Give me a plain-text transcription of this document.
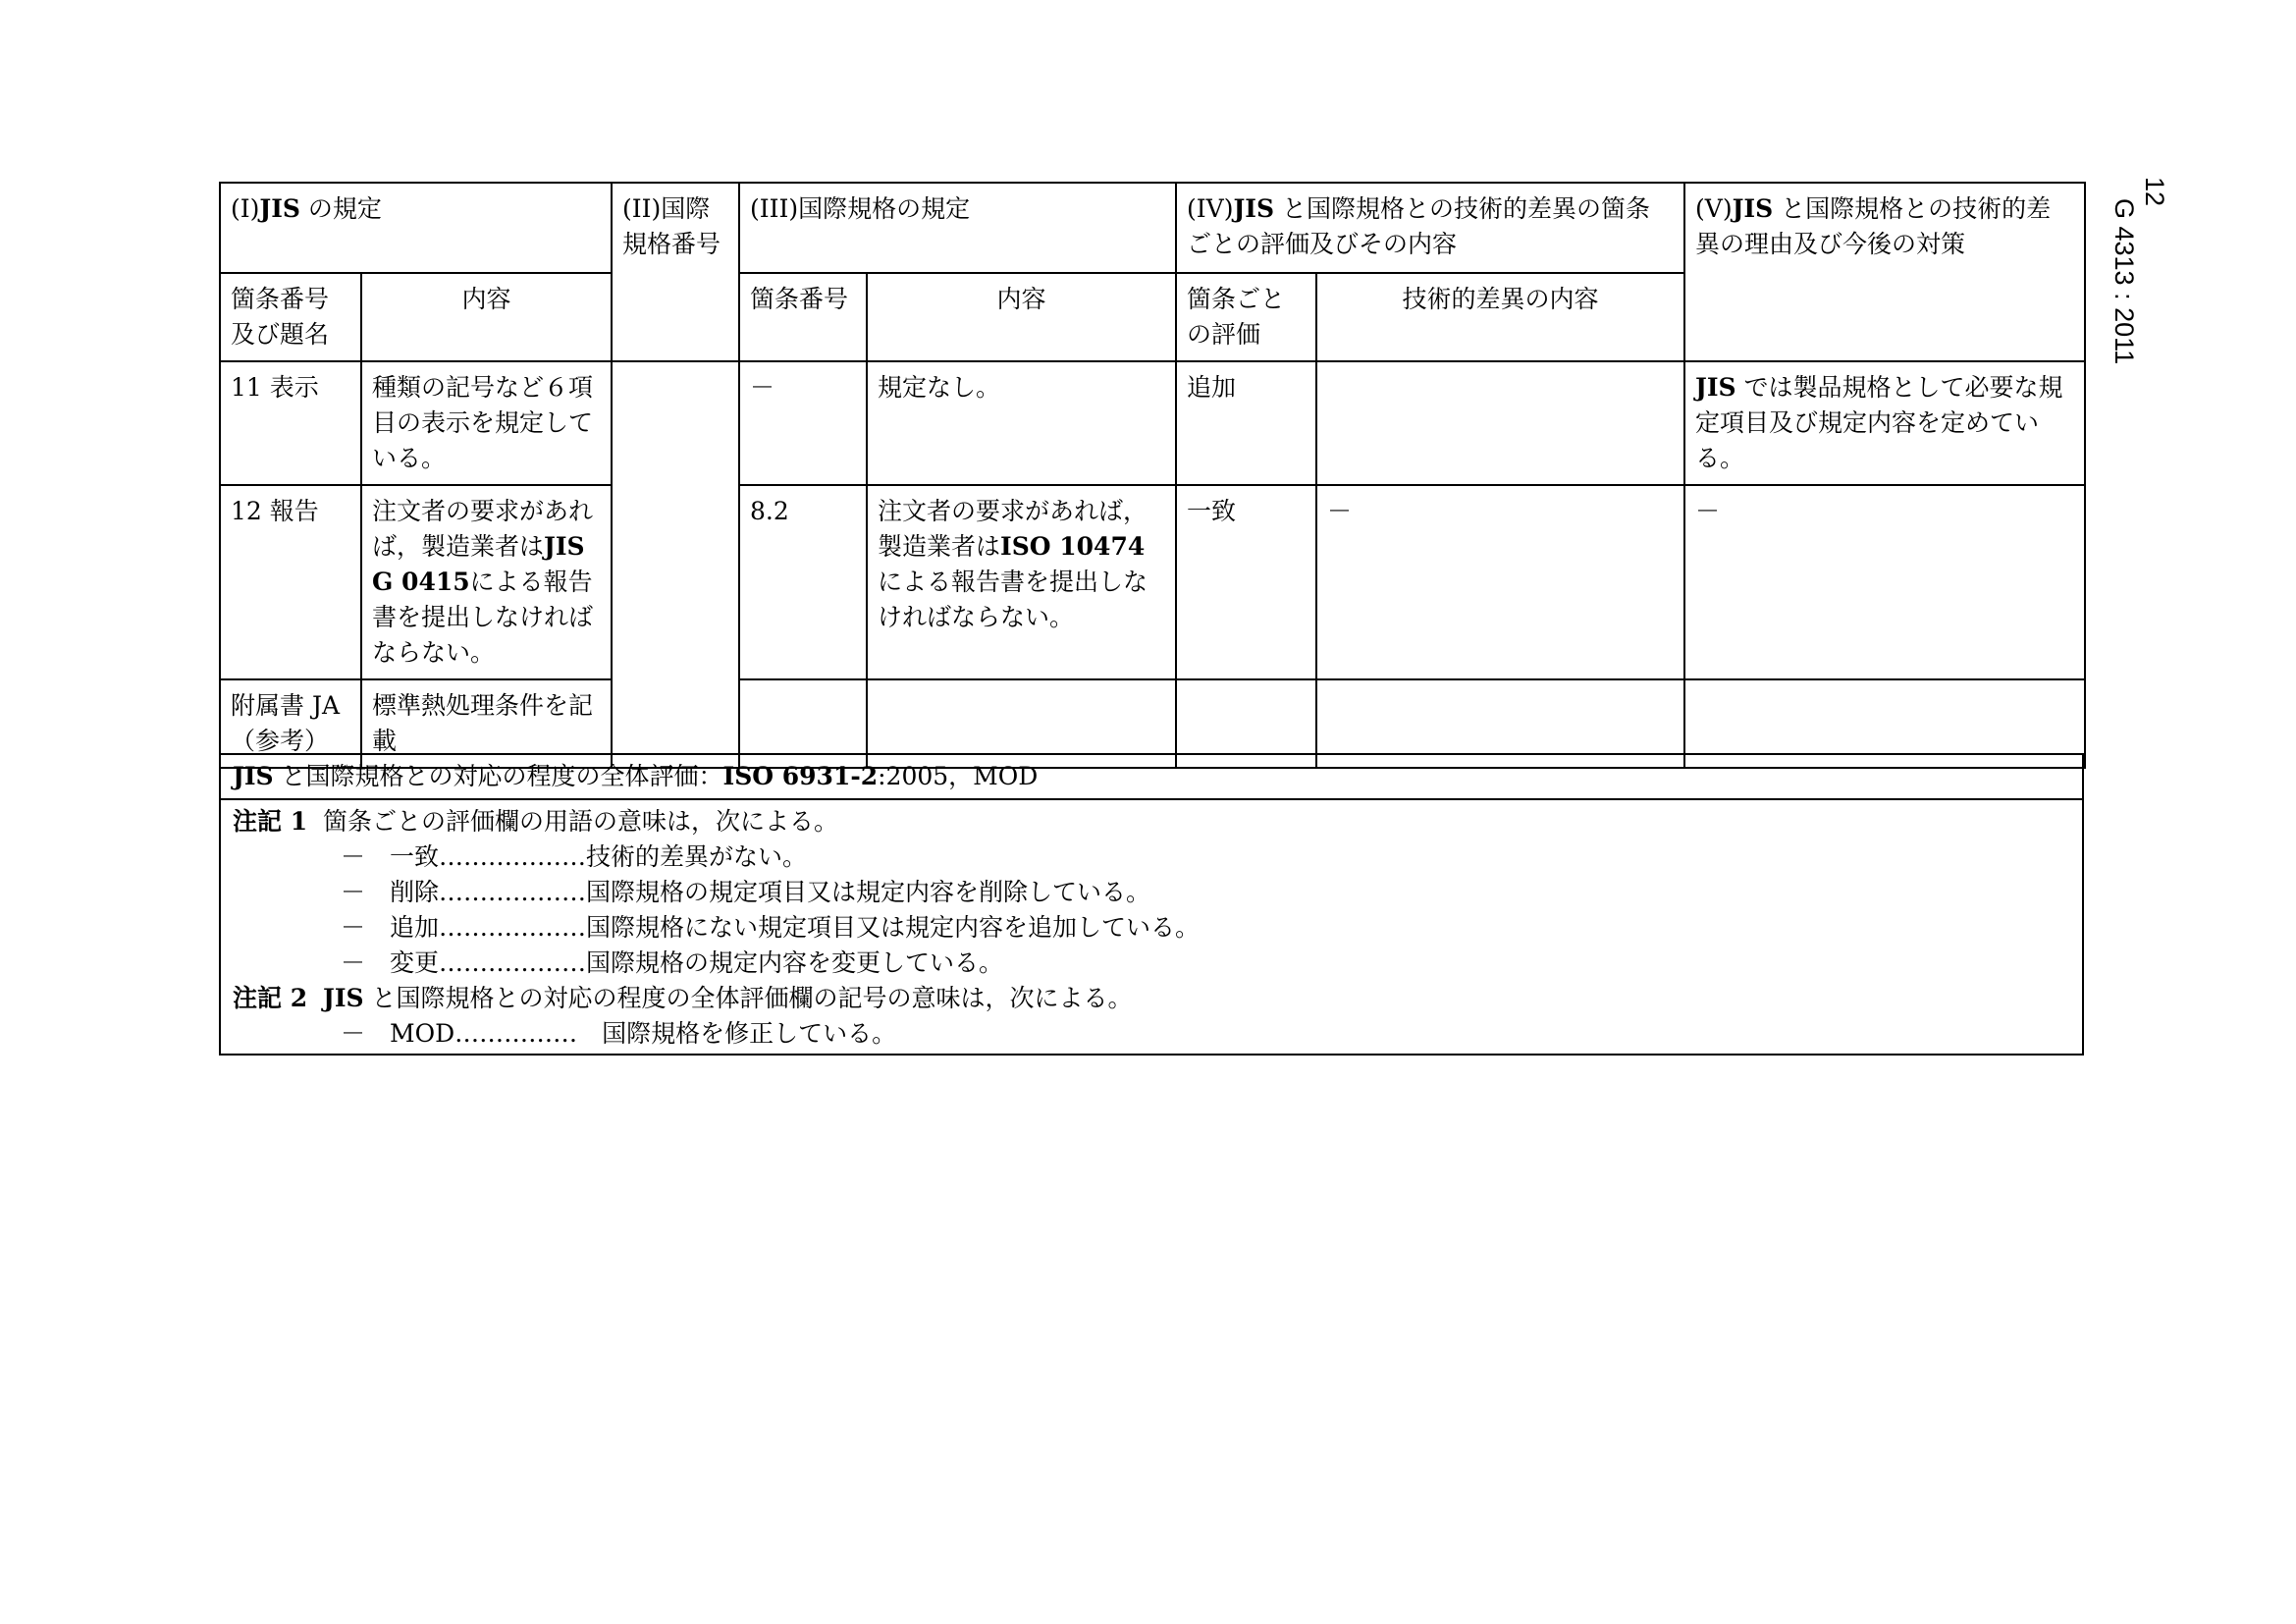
12
G 4313 : 2011
(I)JIS の規定		(II)国際規格番号	(III)国際規格の規定		(IV)JIS と国際規格との技術的差異の箇条ごとの評価及びその内容		(V)JIS と国際規格との技術的差異の理由及び今後の対策
箇条番号及び題名	内容		箇条番号	内容	箇条ごとの評価	技術的差異の内容	
11 表示	種類の記号など６項目の表示を規定している。		－	規定なし。	追加		JIS では製品規格として必要な規定項目及び規定内容を定めている。
12 報告	注文者の要求があれば，製造業者はJIS G 0415による報告書を提出しなければならない。		8.2	注文者の要求があれば，製造業者はISO 10474による報告書を提出しなければならない。	一致	－	－
附属書 JA（参考）	標準熱処理条件を記載						
JIS と国際規格との対応の程度の全体評価：ISO 6931-2:2005，MOD
注記 1 箇条ごとの評価欄の用語の意味は，次による。
－　一致………………技術的差異がない。
－　削除………………国際規格の規定項目又は規定内容を削除している。
－　追加………………国際規格にない規定項目又は規定内容を追加している。
－　変更………………国際規格の規定内容を変更している。
注記 2 JIS と国際規格との対応の程度の全体評価欄の記号の意味は，次による。
－　MOD……………　国際規格を修正している。
